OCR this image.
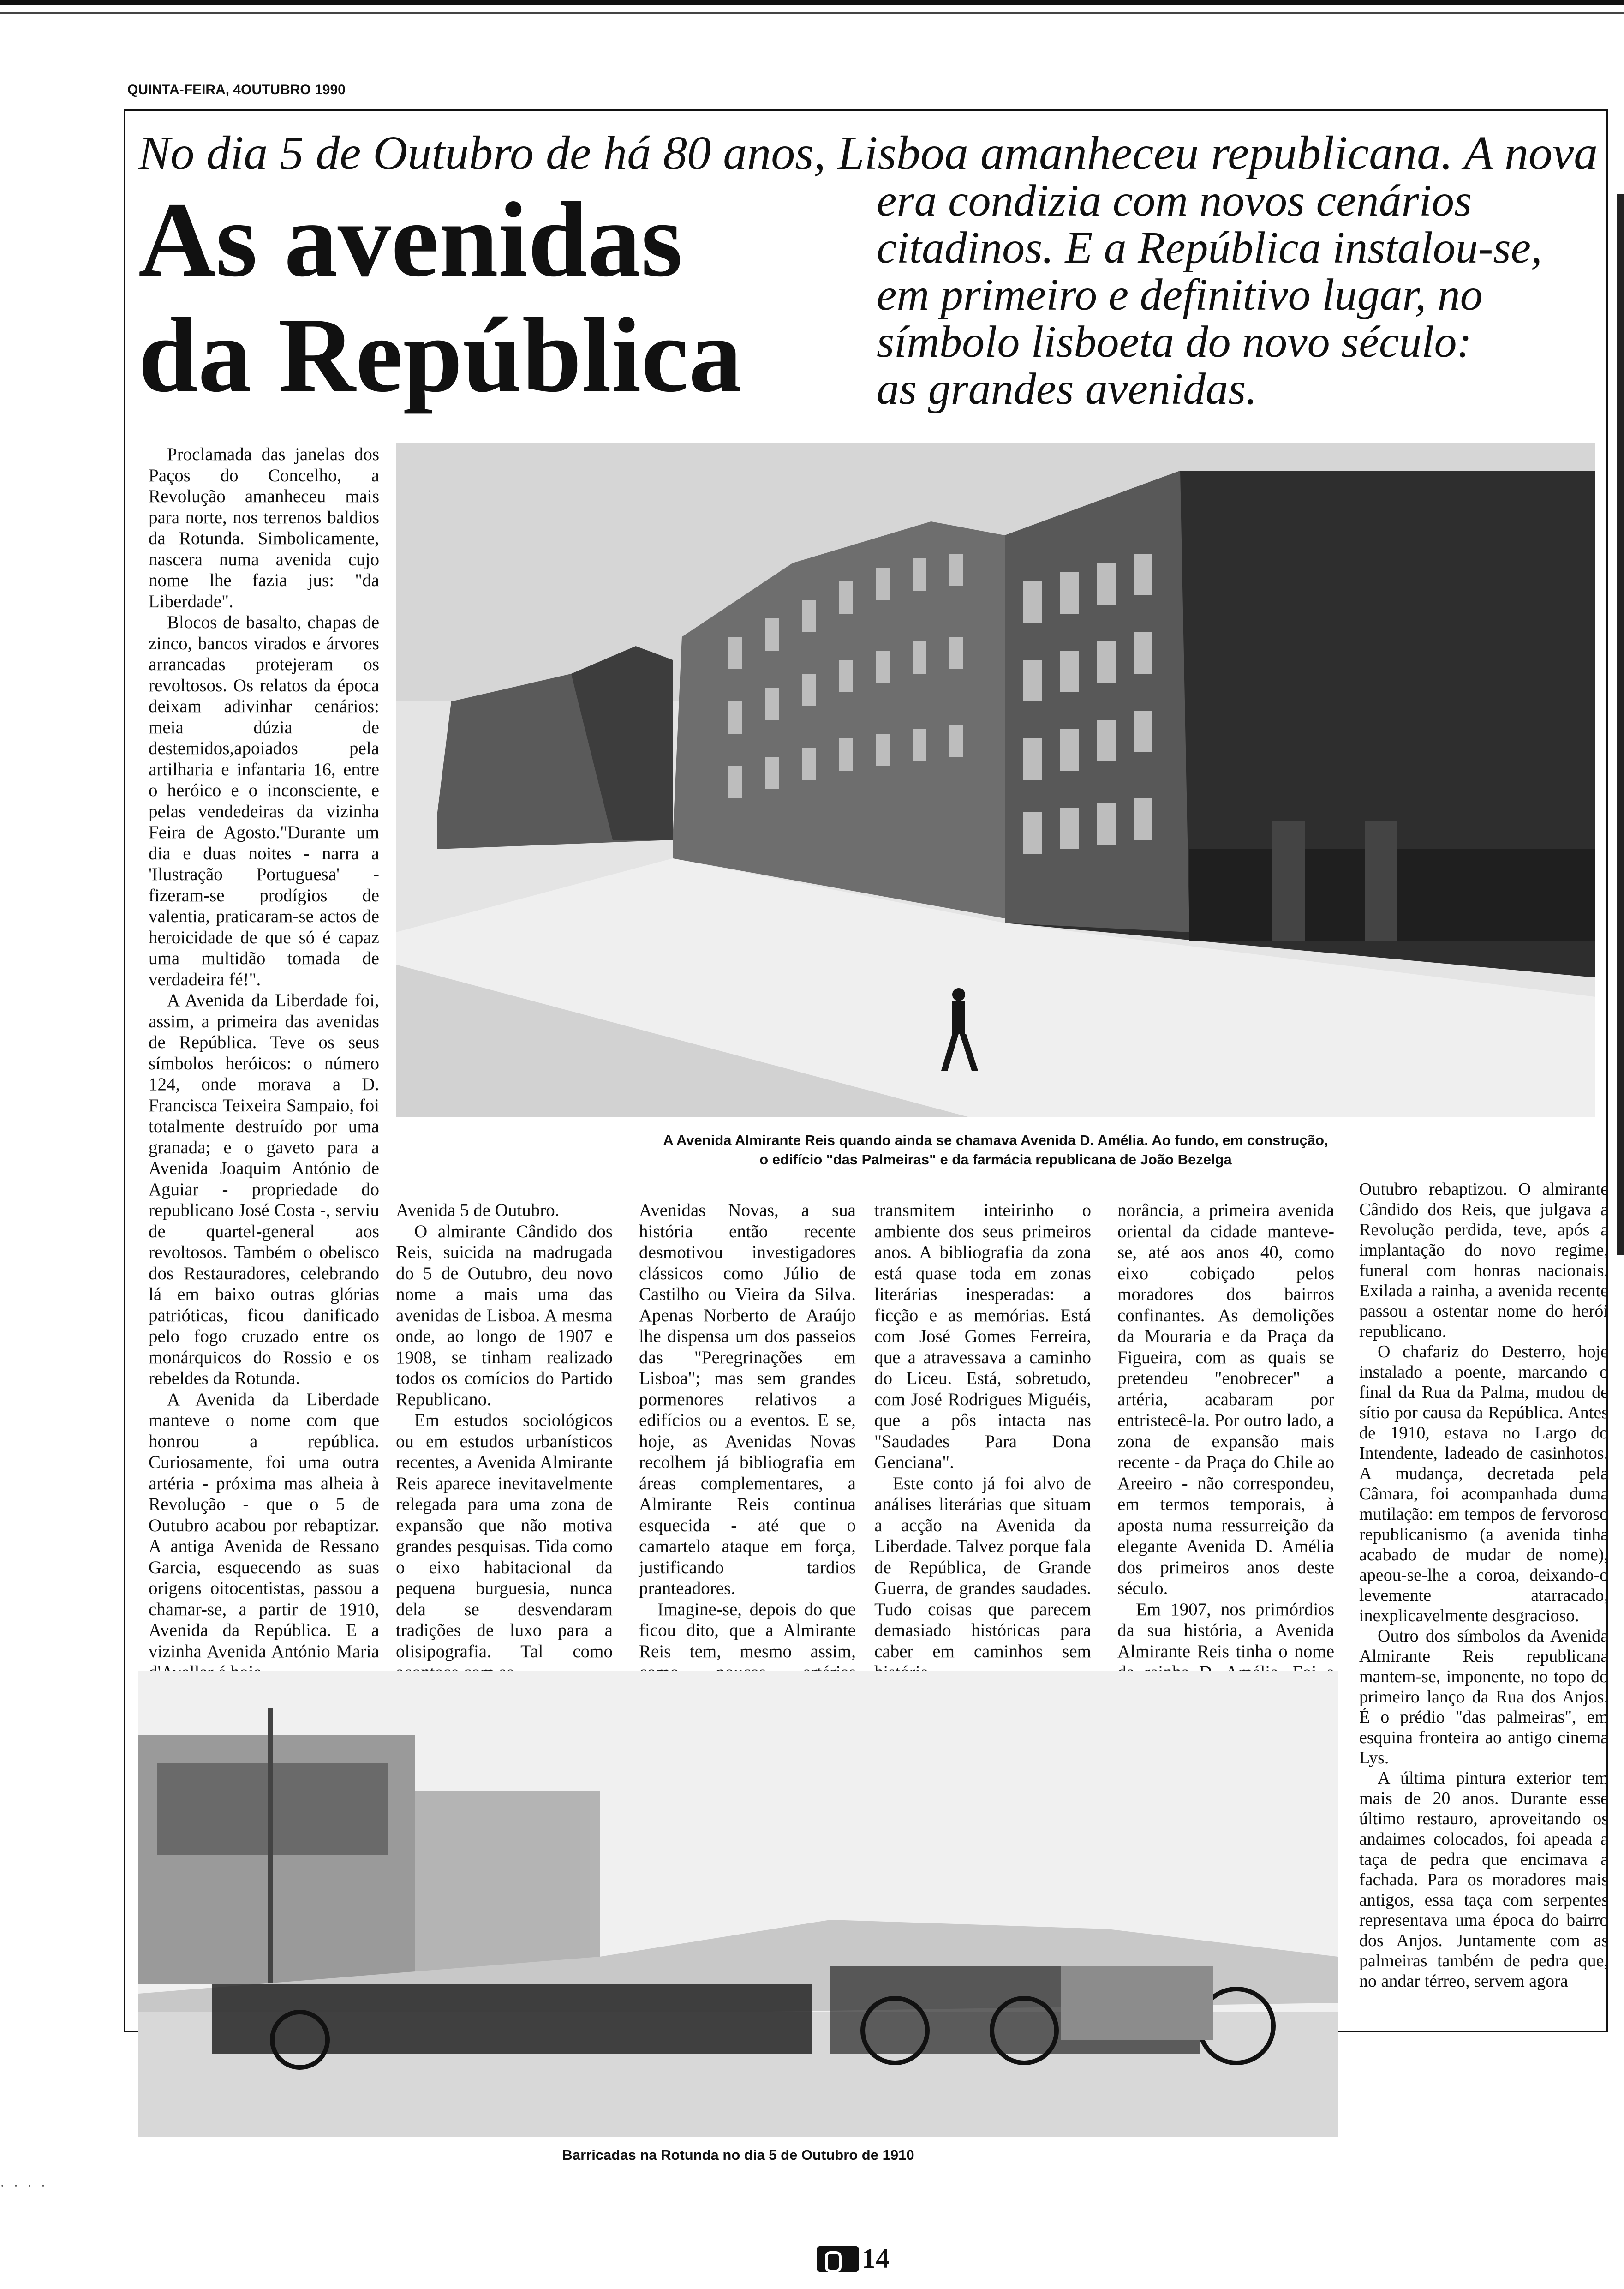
QUINTA-FEIRA, 4OUTUBRO 1990
No dia 5 de Outubro de há 80 anos, Lisboa amanheceu republicana. A nova
As avenidas
da República
era condizia com novos cenários
citadinos. E a República instalou-se,
em primeiro e definitivo lugar, no
símbolo lisboeta do novo século:
as grandes avenidas.

Proclamada das janelas dos Paços do Concelho, a Revolução amanheceu mais para norte, nos terrenos baldios da Rotunda. Simbolicamente, nascera numa avenida cujo nome lhe fazia jus: "da Liberdade".

Blocos de basalto, chapas de zinco, bancos virados e árvores arrancadas protejeram os revoltosos. Os relatos da época deixam adivinhar cenários: meia dúzia de destemidos,apoiados pela artilharia e infantaria 16, entre o heróico e o inconsciente, e pelas vendedeiras da vizinha Feira de Agosto."Durante um dia e duas noites - narra a 'Ilustração Portuguesa' - fizeram-se prodígios de valentia, praticaram-se actos de heroicidade de que só é capaz uma multidão tomada de verdadeira fé!".

A Avenida da Liberdade foi, assim, a primeira das avenidas de República. Teve os seus símbolos heróicos: o número 124, onde morava a D. Francisca Teixeira Sampaio, foi totalmente destruído por uma granada; e o gaveto para a Avenida Joaquim António de Aguiar - propriedade do republicano José Costa -, serviu de quartel-general aos revoltosos. Também o obelisco dos Restauradores, celebrando lá em baixo outras glórias patrióticas, ficou danificado pelo fogo cruzado entre os monárquicos do Rossio e os rebeldes da Rotunda.

A Avenida da Liberdade manteve o nome com que honrou a república. Curiosamente, foi uma outra artéria - próxima mas alheia à Revolução - que o 5 de Outubro acabou por rebaptizar. A antiga Avenida de Ressano Garcia, esquecendo as suas origens oitocentistas, passou a chamar-se, a partir de 1910, Avenida da República. E a vizinha Avenida António Maria

A Avenida Almirante Reis quando ainda se chamava Avenida D. Amélia. Ao fundo, em construção,
o edifício "das Palmeiras" e da farmácia republicana de João Bezelga

Avenida 5 de Outubro.

O almirante Cândido dos Reis, suicida na madrugada do 5 de Outubro, deu novo nome a mais uma das avenidas de Lisboa. A mesma onde, ao longo de 1907 e 1908, se tinham realizado todos os comícios do Partido Republicano.

Em estudos sociológicos ou em estudos urbanísticos recentes, a Avenida Almirante Reis aparece inevitavelmente relegada para uma zona de expansão que não motiva grandes pesquisas. Tida como o eixo habitacional da pequena burguesia, nunca dela se desvendaram tradições de luxo para a olisipografia. Tal como

Avenidas Novas, a sua história então recente desmotivou investigadores clássicos como Júlio de Castilho ou Vieira da Silva. Apenas Norberto de Araújo lhe dispensa um dos passeios das "Peregrinações em Lisboa"; mas sem grandes pormenores relativos a edifícios ou a eventos. E se, hoje, as Avenidas Novas recolhem já bibliografia em áreas complementares, a Almirante Reis continua esquecida - até que o camartelo ataque em força, justificando tardios pranteadores.

Imagine-se, depois do que ficou dito, que a Almirante Reis tem, mesmo assim,

transmitem inteirinho o ambiente dos seus primeiros anos. A bibliografia da zona está quase toda em zonas literárias inesperadas: a ficção e as memórias. Está com José Gomes Ferreira, que a atravessava a caminho do Liceu. Está, sobretudo, com José Rodrigues Miguéis, que a pôs intacta nas "Saudades Para Dona Genciana".

Este conto já foi alvo de análises literárias que situam a acção na Avenida da Liberdade. Talvez porque fala de República, de Grande Guerra, de grandes saudades. Tudo coisas que parecem demasiado históricas para caber em caminhos sem

norância, a primeira avenida oriental da cidade manteve-se, até aos anos 40, como eixo cobiçado pelos moradores dos bairros confinantes. As demolições da Mouraria e da Praça da Figueira, com as quais se pretendeu "enobrecer" a artéria, acabaram por entristecê-la. Por outro lado, a zona de expansão mais recente - da Praça do Chile ao Areeiro - não correspondeu, em termos temporais, à aposta numa ressurreição da elegante Avenida D. Amélia dos primeiros anos deste século.

Em 1907, nos primórdios da sua história, a Avenida Almirante Reis tinha o nome

Outubro rebaptizou. O almirante Cândido dos Reis, que julgava a Revolução perdida, teve, após a implantação do novo regime, funeral com honras nacionais. Exilada a rainha, a avenida recente passou a ostentar nome do herói republicano.

O chafariz do Desterro, hoje instalado a poente, marcando o final da Rua da Palma, mudou de sítio por causa da República. Antes de 1910, estava no Largo do Intendente, ladeado de casinhotos. A mudança, decretada pela Câmara, foi acompanhada duma mutilação: em tempos de fervoroso republicanismo (a avenida tinha acabado de mudar de nome), apeou-se-lhe a coroa, deixando-o levemente atarracado, inexplicavelmente desgracioso.

Outro dos símbolos da Avenida Almirante Reis republicana mantem-se, imponente, no topo do primeiro lanço da Rua dos Anjos. É o prédio "das palmeiras", em esquina fronteira ao antigo cinema Lys.

A última pintura exterior tem mais de 20 anos. Durante esse último restauro, aproveitando os andaimes colocados, foi apeada a taça de pedra que encimava a fachada. Para os moradores mais antigos, essa taça com serpentes representava uma época do bairro dos Anjos. Juntamente com as palmeiras também de pedra que, no andar térreo, servem agora

Barricadas na Rotunda no dia 5 de Outubro de 1910
· · · ·
14
